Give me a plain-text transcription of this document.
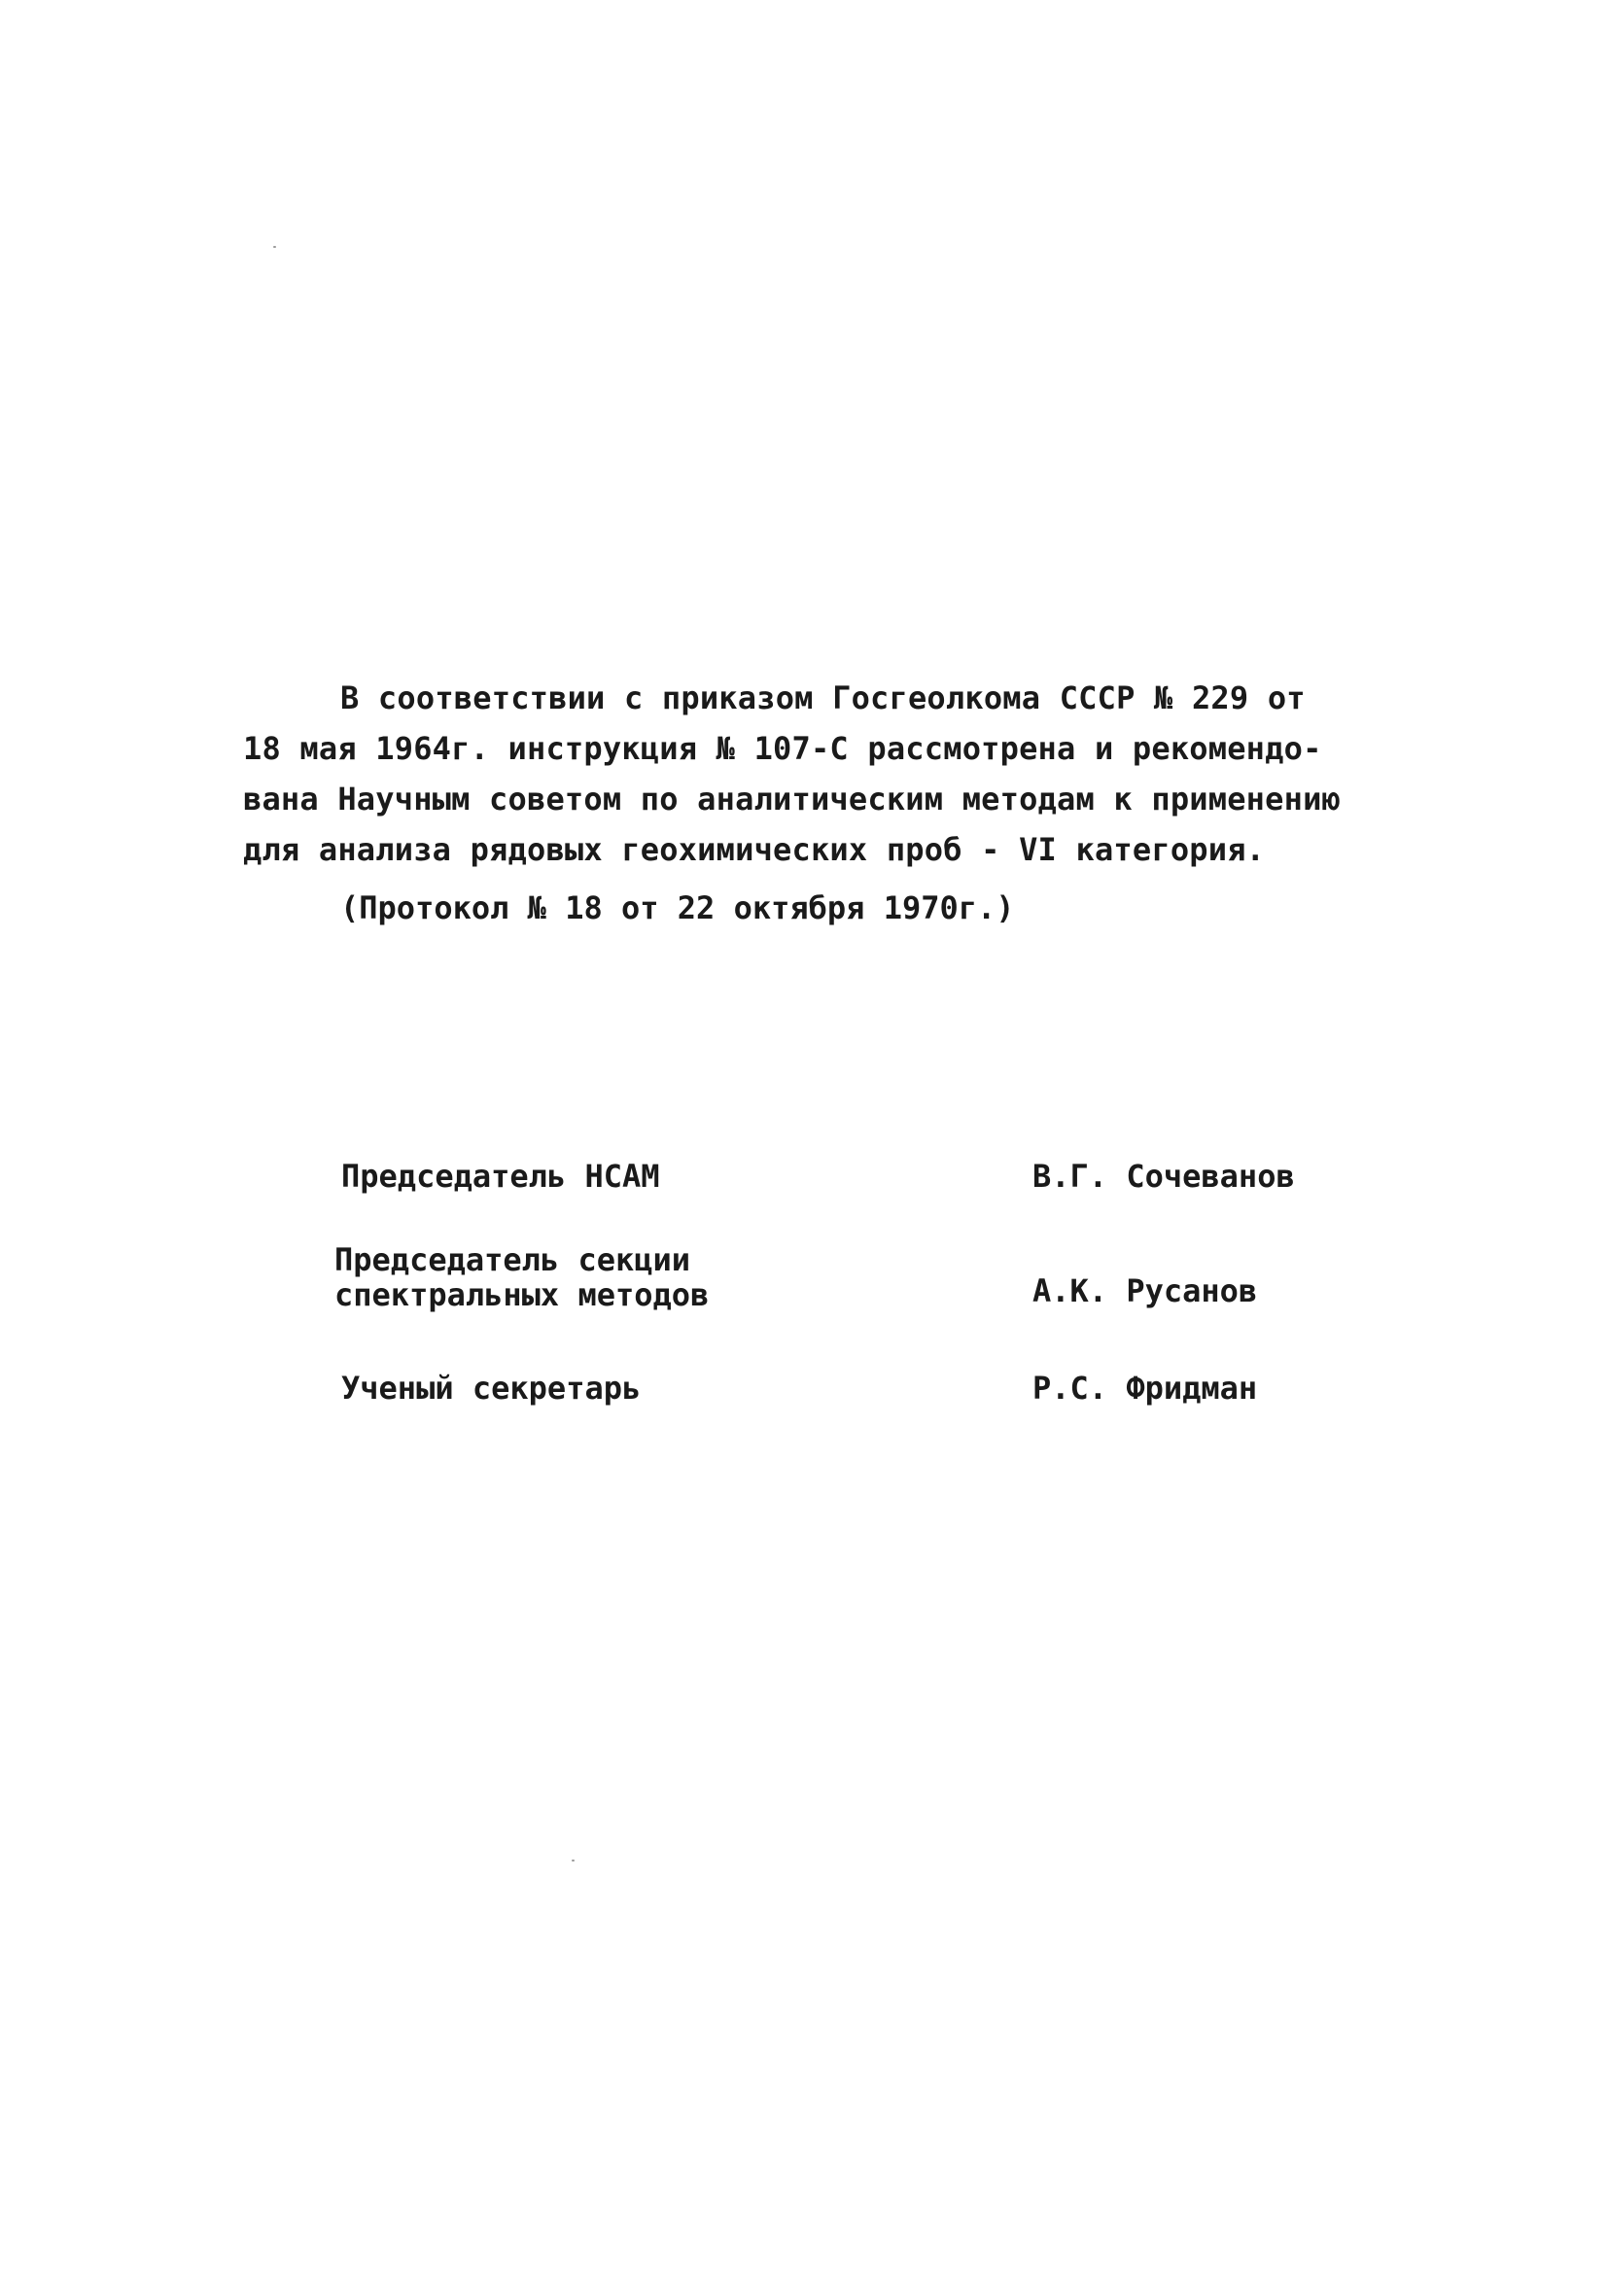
В соответствии с приказом Госгеолкома СССР № 229 от
18 мая 1964г. инструкция № 107-С рассмотрена и рекомендо-
вана Научным советом по аналитическим методам к применению
для анализа рядовых геохимических проб - VI категория.
(Протокол № 18 от 22 октября 1970г.)
Председатель НСАМ	В.Г. Сочеванов
Председатель секции
спектральных методов	А.К. Русанов
Ученый секретарь	Р.С. Фридман
